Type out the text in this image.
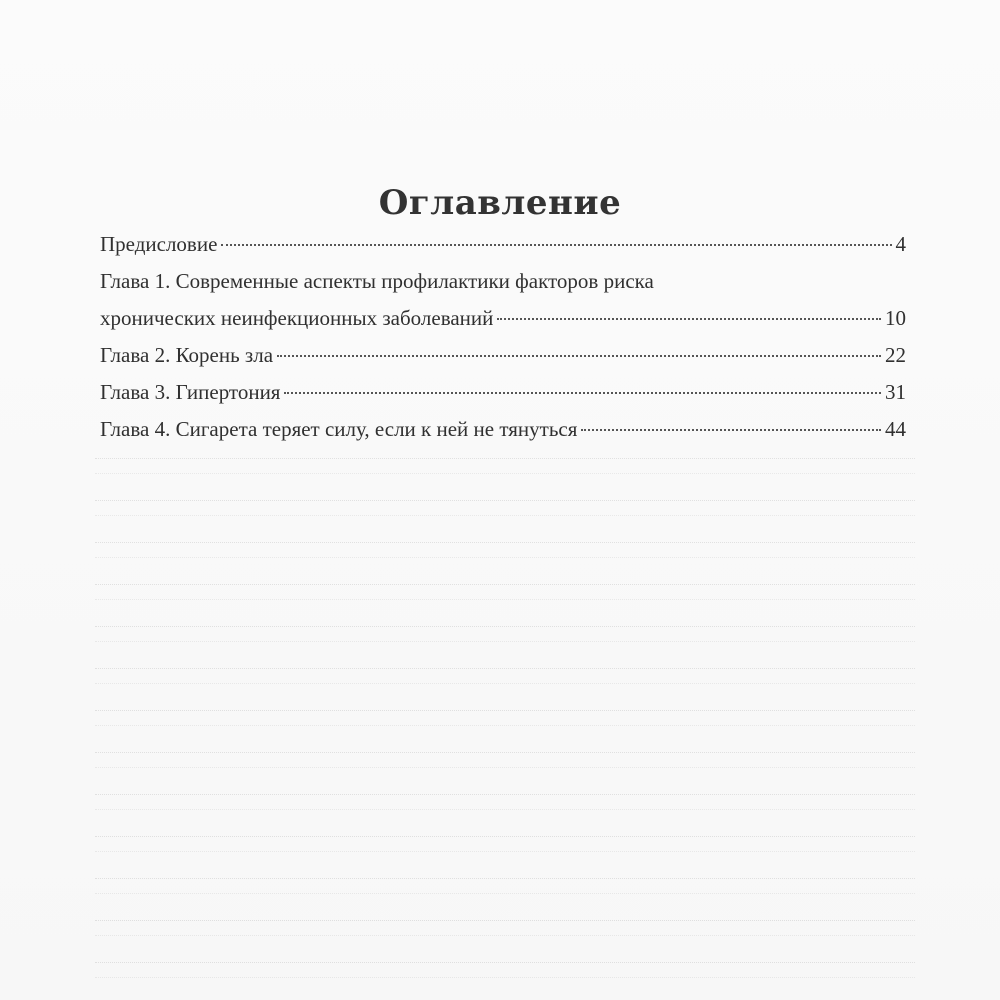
Оглавление
Предисловие	4
Глава 1. Современные аспекты профилактики факторов риска
хронических неинфекционных заболеваний	10
Глава 2. Корень зла	22
Глава 3. Гипертония	31
Глава 4. Сигарета теряет силу, если к ней не тянуться	44
